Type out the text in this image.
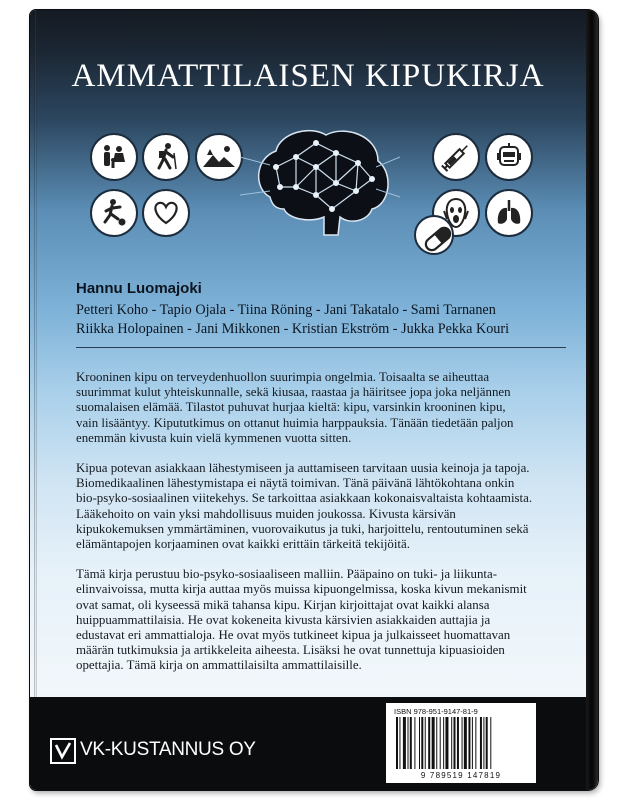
AMMATTILAISEN KIPUKIRJA
Hannu Luomajoki
Petteri Koho - Tapio Ojala - Tiina Röning - Jani Takatalo - Sami Tarnanen
Riikka Holopainen - Jani Mikkonen - Kristian Ekström - Jukka Pekka Kouri
Krooninen kipu on terveydenhuollon suurimpia ongelmia. Toisaalta se aiheuttaa
suurimmat kulut yhteiskunnalle, sekä kiusaa, raastaa ja häiritsee jopa joka neljännen
suomalaisen elämää. Tilastot puhuvat hurjaa kieltä: kipu, varsinkin krooninen kipu,
vain lisääntyy. Kipututkimus on ottanut huimia harppauksia. Tänään tiedetään paljon
enemmän kivusta kuin vielä kymmenen vuotta sitten.
Kipua potevan asiakkaan lähestymiseen ja auttamiseen tarvitaan uusia keinoja ja tapoja.
Biomedikaalinen lähestymistapa ei näytä toimivan. Tänä päivänä lähtökohtana onkin
bio-psyko-sosiaalinen viitekehys. Se tarkoittaa asiakkaan kokonaisvaltaista kohtaamista.
Lääkehoito on vain yksi mahdollisuus muiden joukossa. Kivusta kärsivän
kipukokemuksen ymmärtäminen, vuorovaikutus ja tuki, harjoittelu, rentoutuminen sekä
elämäntapojen korjaaminen ovat kaikki erittäin tärkeitä tekijöitä.
Tämä kirja perustuu bio-psyko-sosiaaliseen malliin. Pääpaino on tuki- ja liikunta-
elinvaivoissa, mutta kirja auttaa myös muissa kipuongelmissa, koska kivun mekanismit
ovat samat, oli kyseessä mikä tahansa kipu. Kirjan kirjoittajat ovat kaikki alansa
huippuammattilaisia. He ovat kokeneita kivusta kärsivien asiakkaiden auttajia ja
edustavat eri ammattialoja. He ovat myös tutkineet kipua ja julkaisseet huomattavan
määrän tutkimuksia ja artikkeleita aiheesta. Lisäksi he ovat tunnettuja kipuasioiden
opettajia. Tämä kirja on ammattilaisilta ammattilaisille.
VK-KUSTANNUS OY
ISBN 978-951-9147-81-9
9 789519 147819
